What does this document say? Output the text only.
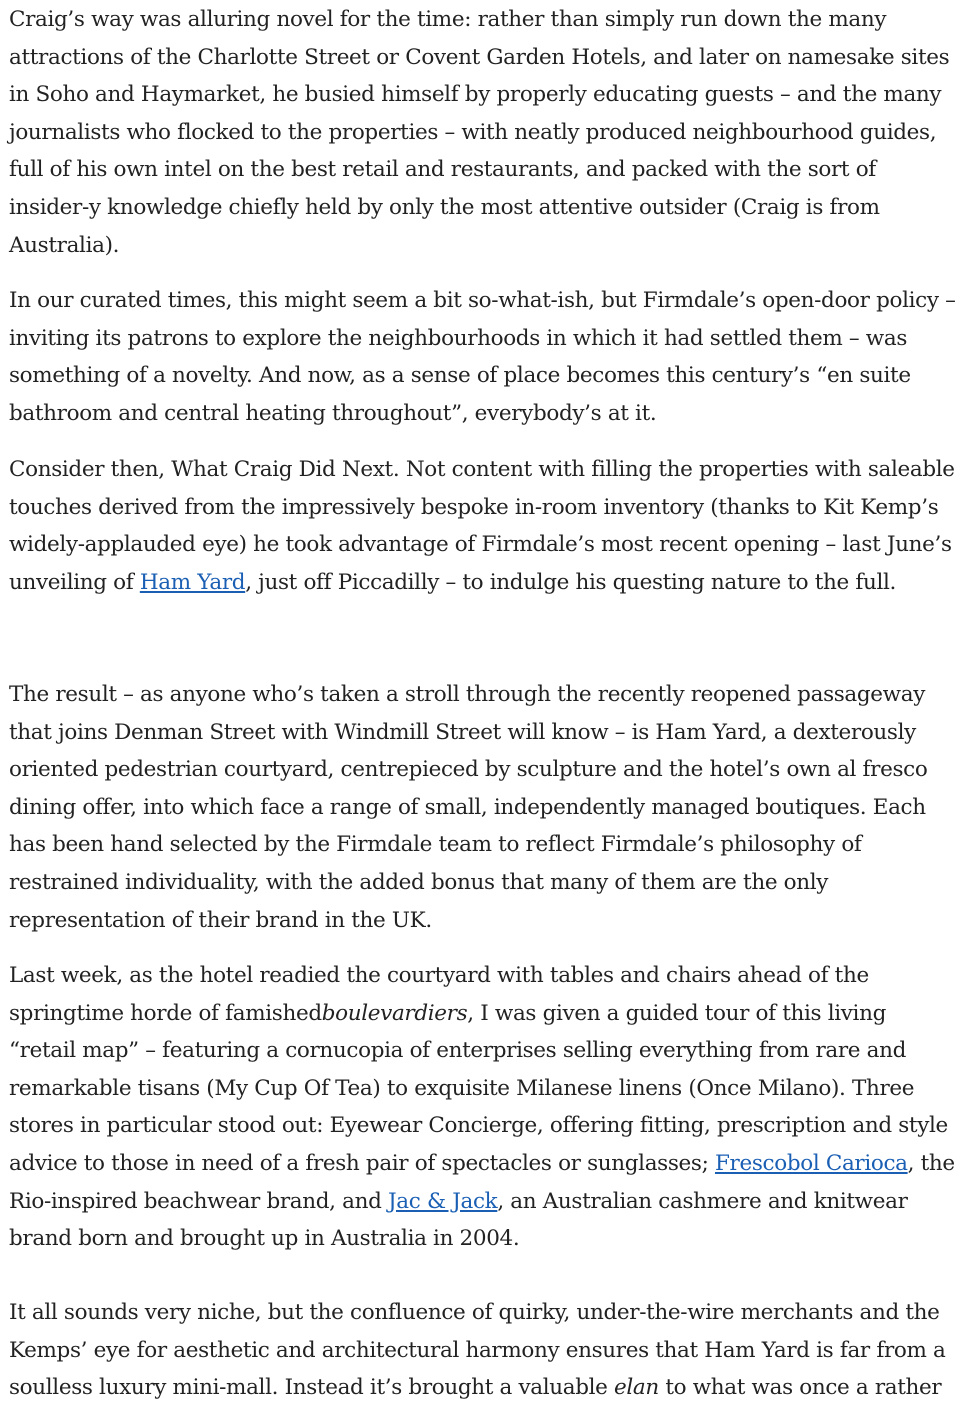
Craig’s way was alluring novel for the time: rather than simply run down the many attractions of the Charlotte Street or Covent Garden Hotels, and later on namesake sites in Soho and Haymarket, he busied himself by properly educating guests – and the many journalists who flocked to the properties – with neatly produced neighbourhood guides, full of his own intel on the best retail and restaurants, and packed with the sort of insider-y knowledge chiefly held by only the most attentive outsider (Craig is from Australia).

In our curated times, this might seem a bit so-what-ish, but Firmdale’s open-door policy – inviting its patrons to explore the neighbourhoods in which it had settled them – was something of a novelty. And now, as a sense of place becomes this century’s “en suite bathroom and central heating throughout”, everybody’s at it.

Consider then, What Craig Did Next. Not content with filling the properties with saleable touches derived from the impressively bespoke in-room inventory (thanks to Kit Kemp’s widely-applauded eye) he took advantage of Firmdale’s most recent opening – last June’s unveiling of Ham Yard, just off Piccadilly – to indulge his questing nature to the full.

The result – as anyone who’s taken a stroll through the recently reopened passageway that joins Denman Street with Windmill Street will know – is Ham Yard, a dexterously oriented pedestrian courtyard, centrepieced by sculpture and the hotel’s own al fresco dining offer, into which face a range of small, independently managed boutiques. Each has been hand selected by the Firmdale team to reflect Firmdale’s philosophy of restrained individuality, with the added bonus that many of them are the only representation of their brand in the UK.

Last week, as the hotel readied the courtyard with tables and chairs ahead of the springtime horde of famishedboulevardiers, I was given a guided tour of this living “retail map” – featuring a cornucopia of enterprises selling everything from rare and remarkable tisans (My Cup Of Tea) to exquisite Milanese linens (Once Milano). Three stores in particular stood out: Eyewear Concierge, offering fitting, prescription and style advice to those in need of a fresh pair of spectacles or sunglasses; Frescobol Carioca, the Rio-inspired beachwear brand, and Jac & Jack, an Australian cashmere and knitwear brand born and brought up in Australia in 2004.

It all sounds very niche, but the confluence of quirky, under-the-wire merchants and the Kemps’ eye for aesthetic and architectural harmony ensures that Ham Yard is far from a soulless luxury mini-mall. Instead it’s brought a valuable elan to what was once a rather
